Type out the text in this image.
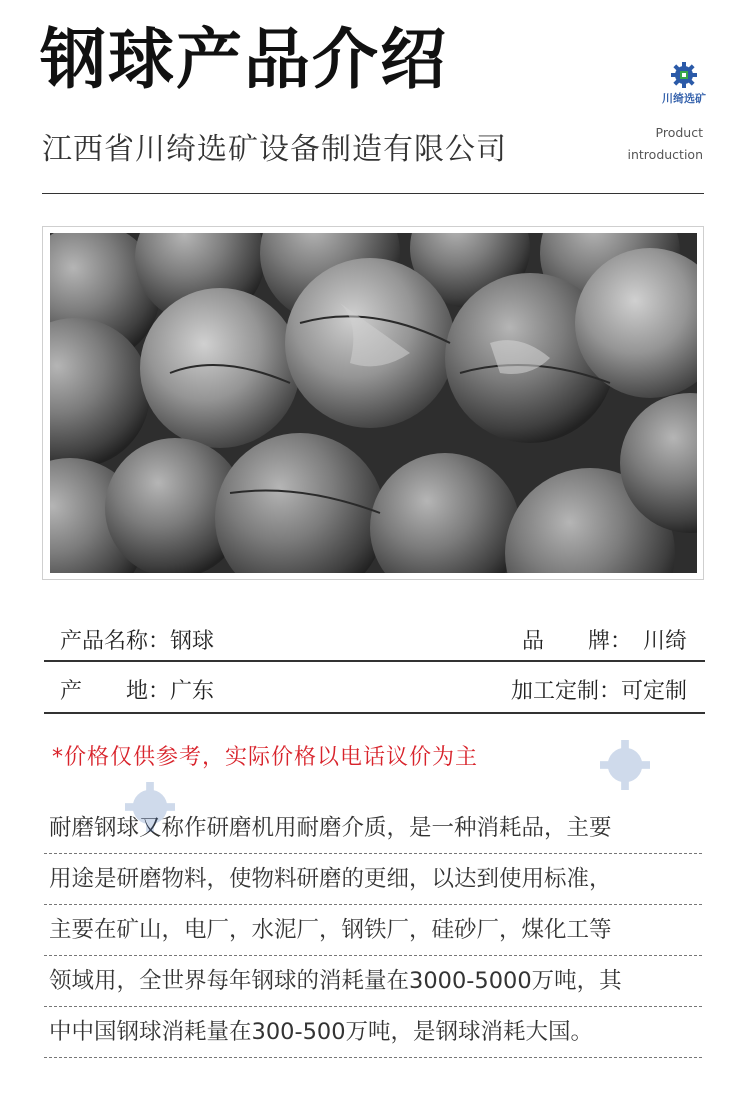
钢球产品介绍
江西省川绮选矿设备制造有限公司
川绮选矿
Product
introduction
产品名称：钢球	品　　牌：　川绮
产　　地：广东	加工定制：可定制
*价格仅供参考，实际价格以电话议价为主
耐磨钢球又称作研磨机用耐磨介质，是一种消耗品，主要
用途是研磨物料，使物料研磨的更细，以达到使用标准，
主要在矿山，电厂，水泥厂，钢铁厂，硅砂厂，煤化工等
领域用，全世界每年钢球的消耗量在3000-5000万吨，其
中中国钢球消耗量在300-500万吨，是钢球消耗大国。
